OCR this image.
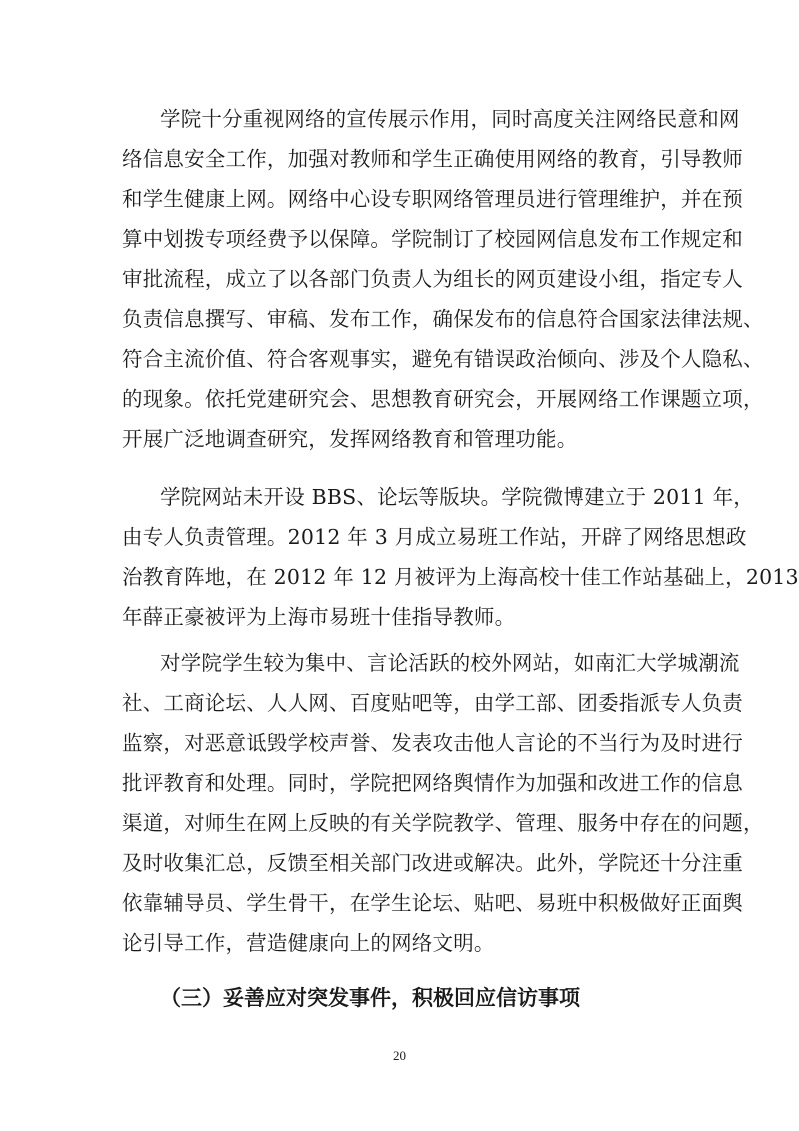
学院十分重视网络的宣传展示作用，同时高度关注网络民意和网
络信息安全工作，加强对教师和学生正确使用网络的教育，引导教师
和学生健康上网。网络中心设专职网络管理员进行管理维护，并在预
算中划拨专项经费予以保障。学院制订了校园网信息发布工作规定和
审批流程，成立了以各部门负责人为组长的网页建设小组，指定专人
负责信息撰写、审稿、发布工作，确保发布的信息符合国家法律法规、
符合主流价值、符合客观事实，避免有错误政治倾向、涉及个人隐私、
的现象。依托党建研究会、思想教育研究会，开展网络工作课题立项，
开展广泛地调查研究，发挥网络教育和管理功能。
学院网站未开设 BBS、论坛等版块。学院微博建立于 2011 年，
由专人负责管理。2012 年 3 月成立易班工作站，开辟了网络思想政
治教育阵地，在 2012 年 12 月被评为上海高校十佳工作站基础上，2013
年薛正豪被评为上海市易班十佳指导教师。
对学院学生较为集中、言论活跃的校外网站，如南汇大学城潮流
社、工商论坛、人人网、百度贴吧等，由学工部、团委指派专人负责
监察，对恶意诋毁学校声誉、发表攻击他人言论的不当行为及时进行
批评教育和处理。同时，学院把网络舆情作为加强和改进工作的信息
渠道，对师生在网上反映的有关学院教学、管理、服务中存在的问题，
及时收集汇总，反馈至相关部门改进或解决。此外，学院还十分注重
依靠辅导员、学生骨干，在学生论坛、贴吧、易班中积极做好正面舆
论引导工作，营造健康向上的网络文明。
（三）妥善应对突发事件，积极回应信访事项
20
